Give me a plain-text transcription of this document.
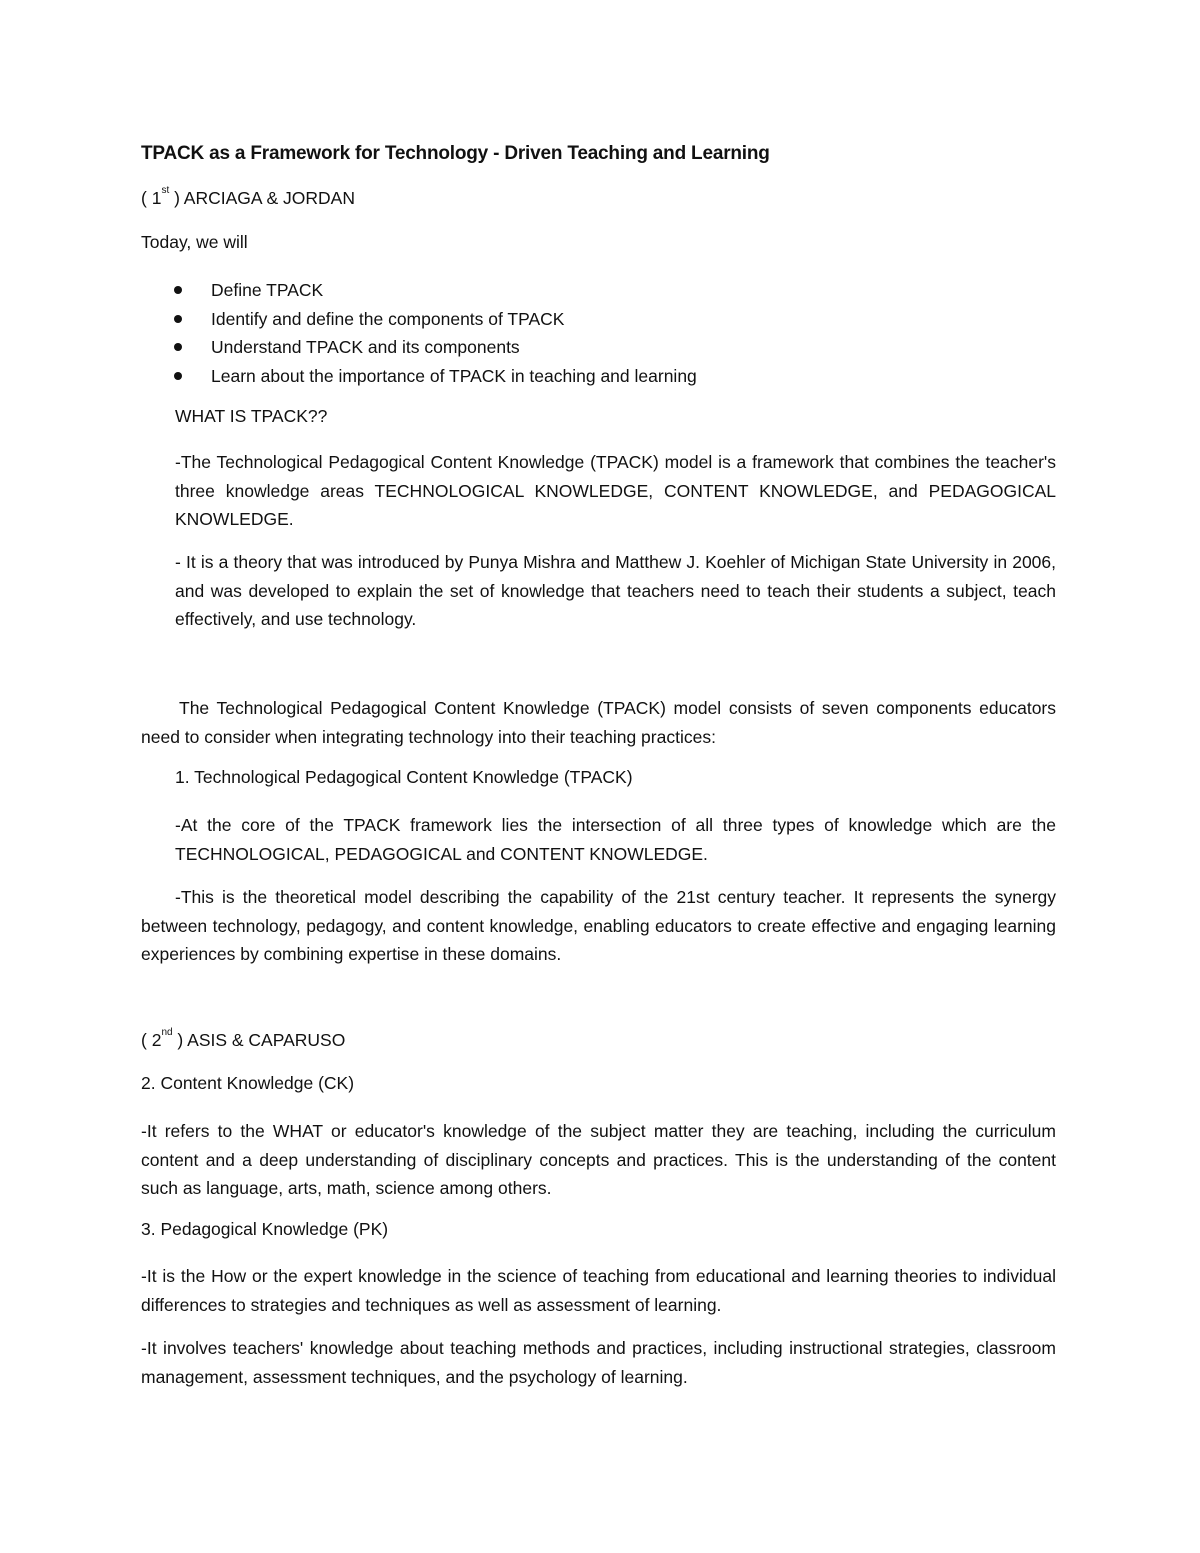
TPACK as a Framework for Technology - Driven Teaching and Learning
( 1st ) ARCIAGA & JORDAN
Today, we will
Define TPACK
Identify and define the components of TPACK
Understand TPACK and its components
Learn about the importance of TPACK in teaching and learning
WHAT IS TPACK??

-The Technological Pedagogical Content Knowledge (TPACK) model is a framework that combines the teacher's three knowledge areas TECHNOLOGICAL KNOWLEDGE, CONTENT KNOWLEDGE, and PEDAGOGICAL KNOWLEDGE.

- It is a theory that was introduced by Punya Mishra and Matthew J. Koehler of Michigan State University in 2006, and was developed to explain the set of knowledge that teachers need to teach their students a subject, teach effectively, and use technology.

The Technological Pedagogical Content Knowledge (TPACK) model consists of seven components educators need to consider when integrating technology into their teaching practices:

1. Technological Pedagogical Content Knowledge (TPACK)

-At the core of the TPACK framework lies the intersection of all three types of knowledge which are the TECHNOLOGICAL, PEDAGOGICAL and CONTENT KNOWLEDGE.

-This is the theoretical model describing the capability of the 21st century teacher. It represents the synergy between technology, pedagogy, and content knowledge, enabling educators to create effective and engaging learning experiences by combining expertise in these domains.

( 2nd ) ASIS & CAPARUSO
2. Content Knowledge (CK)

-It refers to the WHAT or educator's knowledge of the subject matter they are teaching, including the curriculum content and a deep understanding of disciplinary concepts and practices. This is the understanding of the content such as language, arts, math, science among others.

3. Pedagogical Knowledge (PK)

-It is the How or the expert knowledge in the science of teaching from educational and learning theories to individual differences to strategies and techniques as well as assessment of learning.

-It involves teachers' knowledge about teaching methods and practices, including instructional strategies, classroom management, assessment techniques, and the psychology of learning.
